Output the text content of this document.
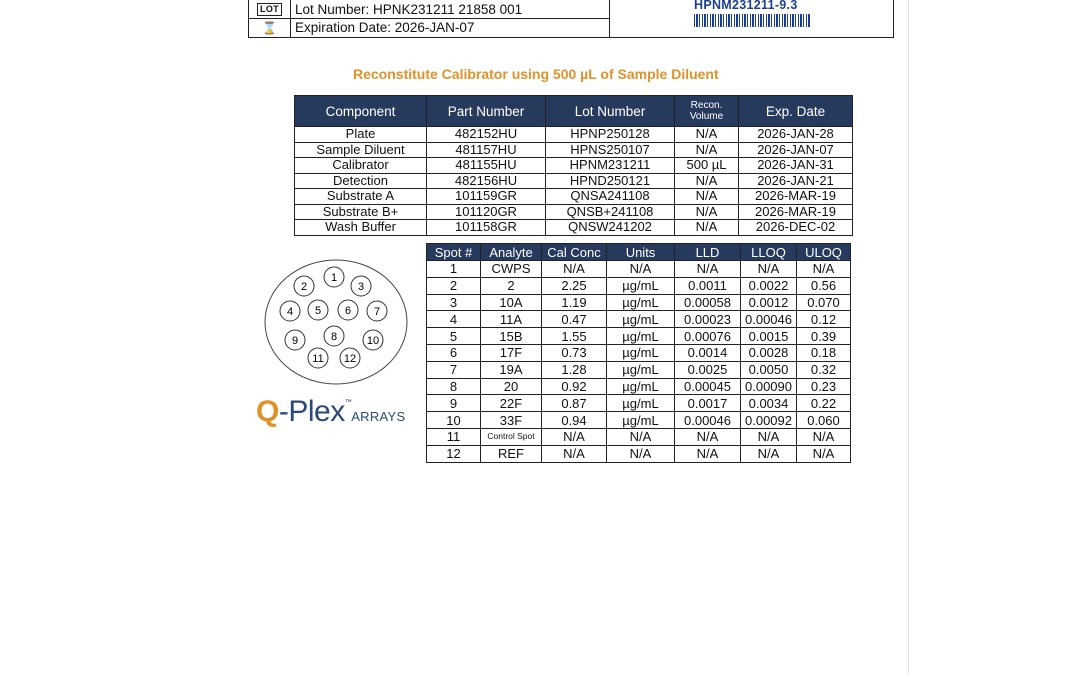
LOT Lot Number: HPNK231211 21858 001
⌛ Expiration Date: 2026-JAN-07
HPNM231211-9.3
Reconstitute Calibrator using 500 µL of Sample Diluent
Component	Part Number	Lot Number	Recon. Volume	Exp. Date
Plate	482152HU	HPNP250128	N/A	2026-JAN-28
Sample Diluent	481157HU	HPNS250107	N/A	2026-JAN-07
Calibrator	481155HU	HPNM231211	500 µL	2026-JAN-31
Detection	482156HU	HPND250121	N/A	2026-JAN-21
Substrate A	101159GR	QNSA241108	N/A	2026-MAR-19
Substrate B+	101120GR	QNSB+241108	N/A	2026-MAR-19
Wash Buffer	101158GR	QNSW241202	N/A	2026-DEC-02
1
2	3
4 5 6 7
8
9	10
11 12
Q-Plex™ARRAYS
Spot #	Analyte	Cal Conc	Units	LLD	LLOQ	ULOQ
1	CWPS	N/A	N/A	N/A	N/A	N/A
2	2	2.25	µg/mL	0.0011	0.0022	0.56
3	10A	1.19	µg/mL	0.00058	0.0012	0.070
4	11A	0.47	µg/mL	0.00023	0.00046	0.12
5	15B	1.55	µg/mL	0.00076	0.0015	0.39
6	17F	0.73	µg/mL	0.0014	0.0028	0.18
7	19A	1.28	µg/mL	0.0025	0.0050	0.32
8	20	0.92	µg/mL	0.00045	0.00090	0.23
9	22F	0.87	µg/mL	0.0017	0.0034	0.22
10	33F	0.94	µg/mL	0.00046	0.00092	0.060
11	Control Spot	N/A	N/A	N/A	N/A	N/A
12	REF	N/A	N/A	N/A	N/A	N/A
